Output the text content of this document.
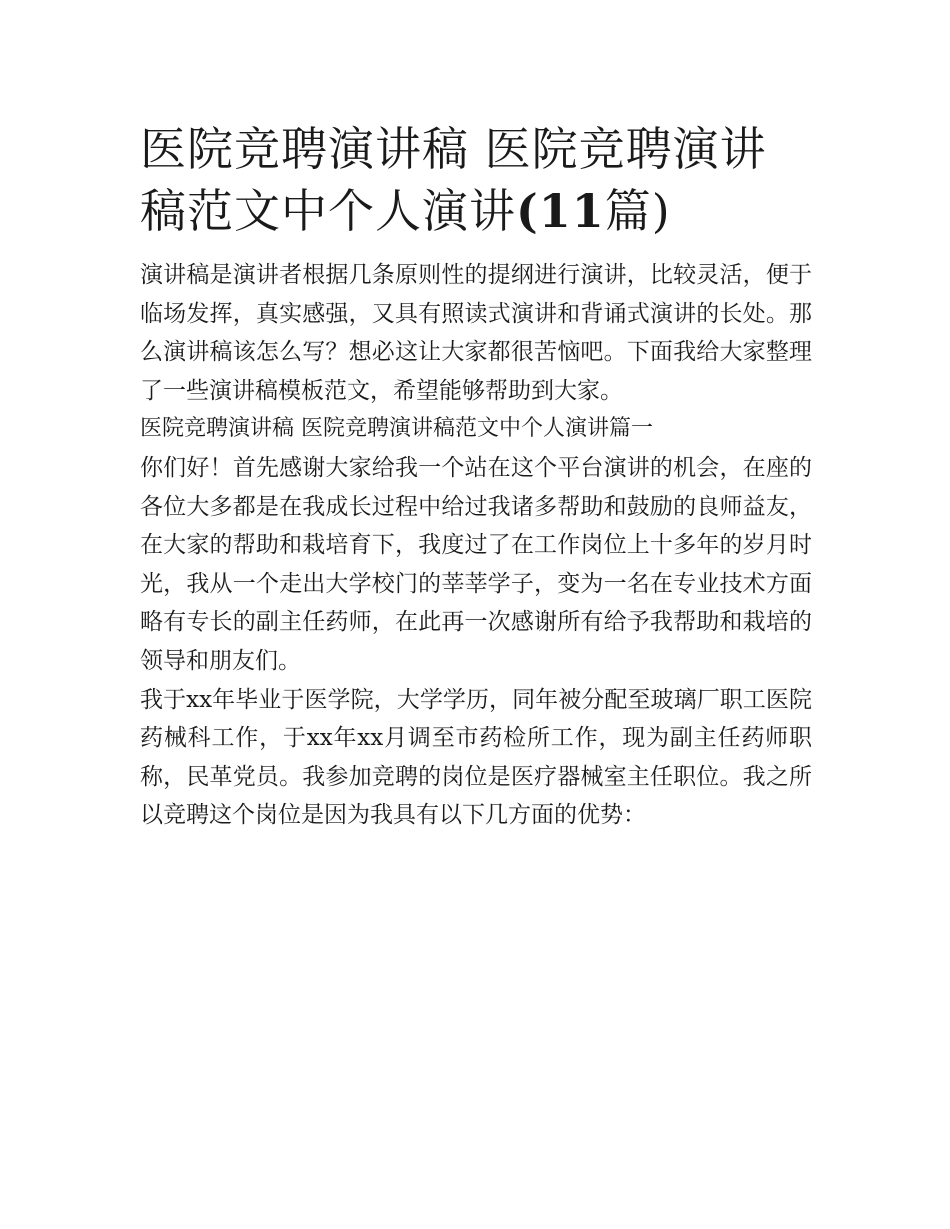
医院竞聘演讲稿 医院竞聘演讲稿范文中个人演讲(11篇)

演讲稿是演讲者根据几条原则性的提纲进行演讲，比较灵活，便于临场发挥，真实感强，又具有照读式演讲和背诵式演讲的长处。那么演讲稿该怎么写？想必这让大家都很苦恼吧。下面我给大家整理了一些演讲稿模板范文，希望能够帮助到大家。

医院竞聘演讲稿 医院竞聘演讲稿范文中个人演讲篇一

你们好！首先感谢大家给我一个站在这个平台演讲的机会，在座的各位大多都是在我成长过程中给过我诸多帮助和鼓励的良师益友，在大家的帮助和栽培育下，我度过了在工作岗位上十多年的岁月时光，我从一个走出大学校门的莘莘学子，变为一名在专业技术方面略有专长的副主任药师，在此再一次感谢所有给予我帮助和栽培的领导和朋友们。

我于xx年毕业于医学院，大学学历，同年被分配至玻璃厂职工医院药械科工作，于xx年xx月调至市药检所工作，现为副主任药师职称，民革党员。我参加竞聘的岗位是医疗器械室主任职位。我之所以竞聘这个岗位是因为我具有以下几方面的优势：
